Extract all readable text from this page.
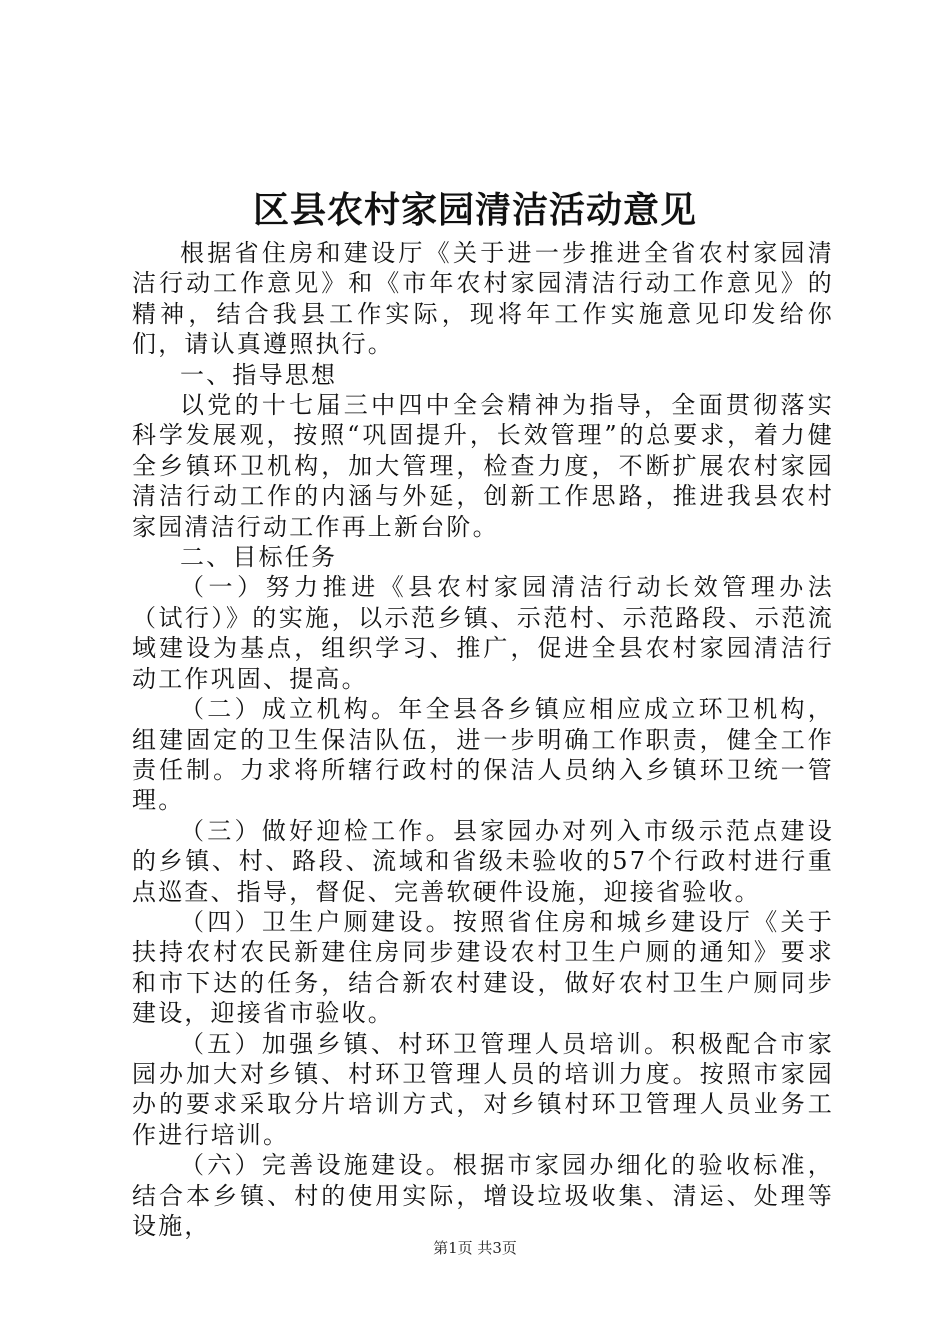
区县农村家园清洁活动意见

根据省住房和建设厅《关于进一步推进全省农村家园清洁行动工作意见》和《市年农村家园清洁行动工作意见》的精神，结合我县工作实际，现将年工作实施意见印发给你们，请认真遵照执行。

一、指导思想

以党的十七届三中四中全会精神为指导，全面贯彻落实科学发展观，按照“巩固提升，长效管理”的总要求，着力健全乡镇环卫机构，加大管理，检查力度，不断扩展农村家园清洁行动工作的内涵与外延，创新工作思路，推进我县农村家园清洁行动工作再上新台阶。

二、目标任务

（一）努力推进《县农村家园清洁行动长效管理办法（试行）》的实施，以示范乡镇、示范村、示范路段、示范流域建设为基点，组织学习、推广，促进全县农村家园清洁行动工作巩固、提高。

（二）成立机构。年全县各乡镇应相应成立环卫机构，组建固定的卫生保洁队伍，进一步明确工作职责，健全工作责任制。力求将所辖行政村的保洁人员纳入乡镇环卫统一管理。

（三）做好迎检工作。县家园办对列入市级示范点建设的乡镇、村、路段、流域和省级未验收的57个行政村进行重点巡查、指导，督促、完善软硬件设施，迎接省验收。

（四）卫生户厕建设。按照省住房和城乡建设厅《关于扶持农村农民新建住房同步建设农村卫生户厕的通知》要求和市下达的任务，结合新农村建设，做好农村卫生户厕同步建设，迎接省市验收。

（五）加强乡镇、村环卫管理人员培训。积极配合市家园办加大对乡镇、村环卫管理人员的培训力度。按照市家园办的要求采取分片培训方式，对乡镇村环卫管理人员业务工作进行培训。

（六）完善设施建设。根据市家园办细化的验收标准，结合本乡镇、村的使用实际，增设垃圾收集、清运、处理等设施，

第1页 共3页
